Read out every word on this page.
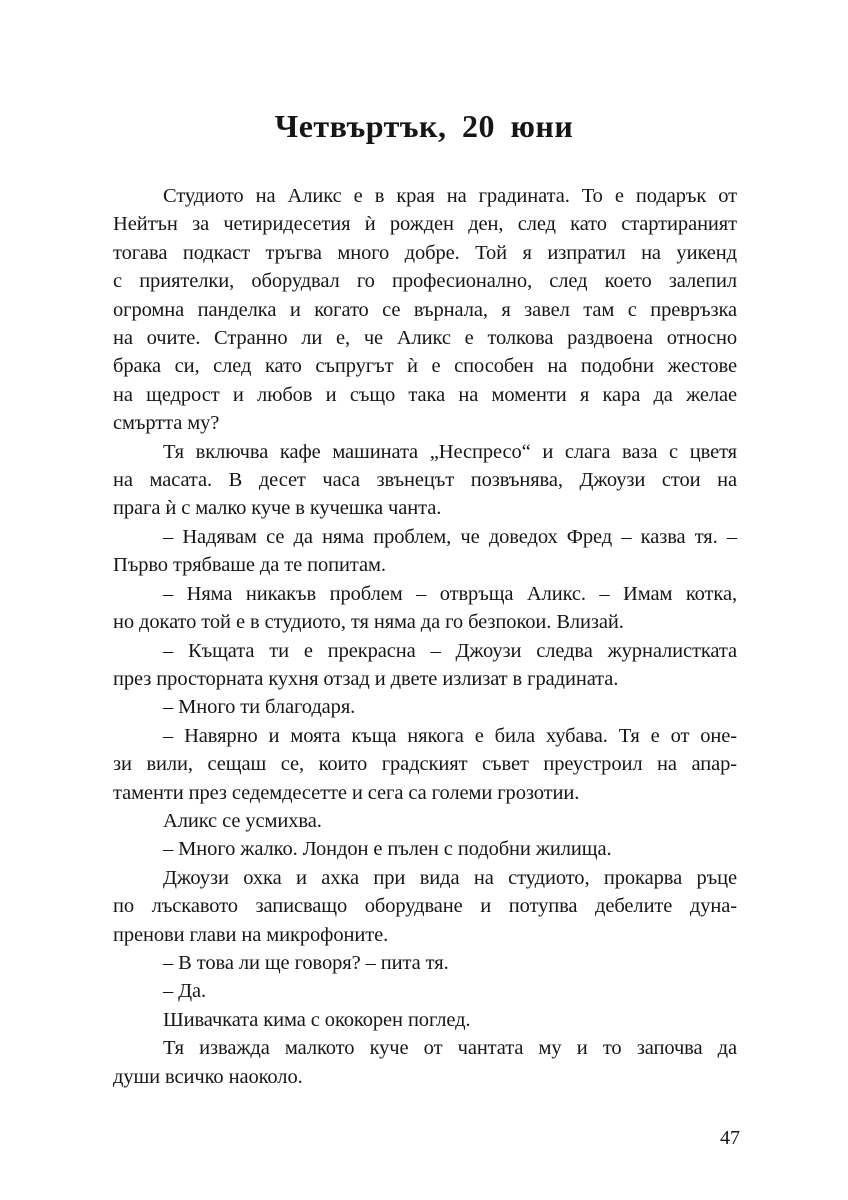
Четвъртък, 20 юни

Студиото на Аликс е в края на градината. То е подарък от
Нейтън за четиридесетия ѝ рожден ден, след като стартираният
тогава подкаст тръгва много добре. Той я изпратил на уикенд
с приятелки, оборудвал го професионално, след което залепил
огромна панделка и когато се върнала, я завел там с превръзка
на очите. Странно ли е, че Аликс е толкова раздвоена относно
брака си, след като съпругът ѝ е способен на подобни жестове
на щедрост и любов и също така на моменти я кара да желае
смъртта му?

Тя включва кафе машината „Неспресо“ и слага ваза с цветя
на масата. В десет часа звънецът позвънява, Джоузи стои на
прага ѝ с малко куче в кучешка чанта.

– Надявам се да няма проблем, че доведох Фред – казва тя. –
Първо трябваше да те попитам.

– Няма никакъв проблем – отвръща Аликс. – Имам котка,
но докато той е в студиото, тя няма да го безпокои. Влизай.

– Къщата ти е прекрасна – Джоузи следва журналистката
през просторната кухня отзад и двете излизат в градината.

– Много ти благодаря.

– Навярно и моята къща някога е била хубава. Тя е от оне-
зи вили, сещаш се, които градският съвет преустроил на апар-
таменти през седемдесетте и сега са големи грозотии.

Аликс се усмихва.

– Много жалко. Лондон е пълен с подобни жилища.

Джоузи охка и ахка при вида на студиото, прокарва ръце
по лъскавото записващо оборудване и потупва дебелите дуна-
пренови глави на микрофоните.

– В това ли ще говоря? – пита тя.

– Да.

Шивачката кима с ококорен поглед.

Тя изважда малкото куче от чантата му и то започва да
души всичко наоколо.

47
